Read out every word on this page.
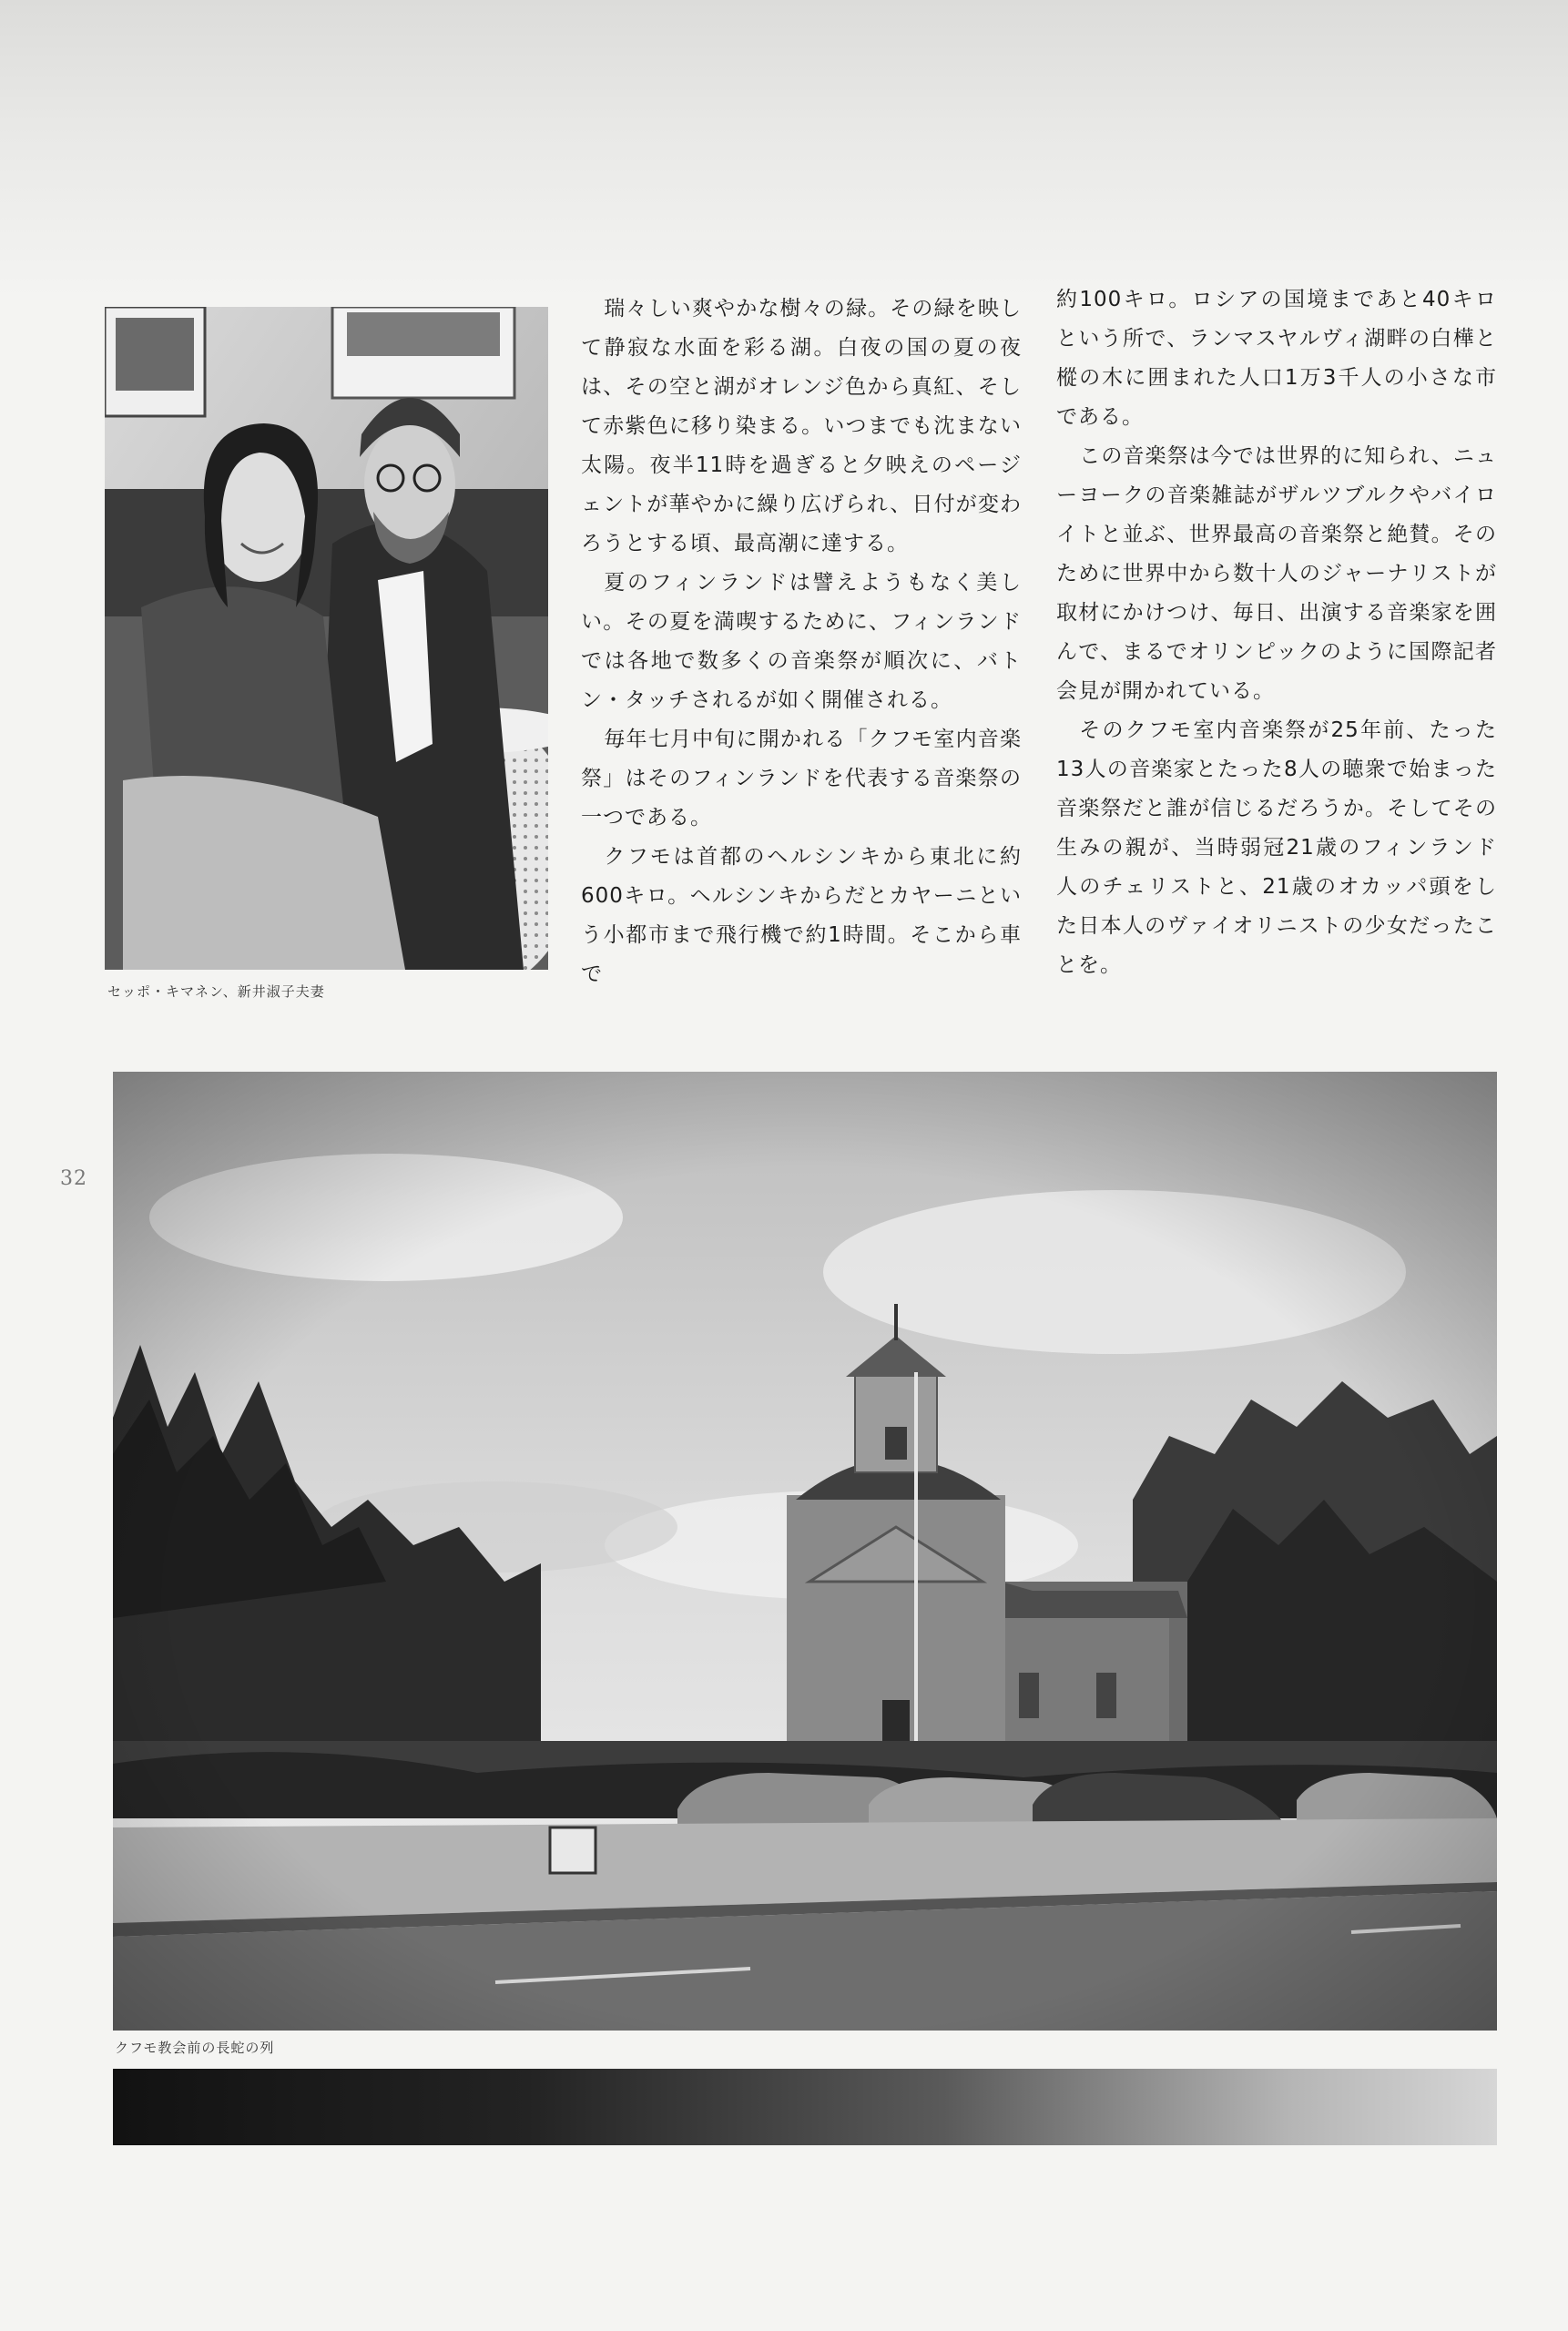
セッポ・キマネン、新井淑子夫妻

瑞々しい爽やかな樹々の緑。その緑を映して静寂な水面を彩る湖。白夜の国の夏の夜は、その空と湖がオレンジ色から真紅、そして赤紫色に移り染まる。いつまでも沈まない太陽。夜半11時を過ぎると夕映えのページェントが華やかに繰り広げられ、日付が変わろうとする頃、最高潮に達する。

夏のフィンランドは譬えようもなく美しい。その夏を満喫するために、フィンランドでは各地で数多くの音楽祭が順次に、バトン・タッチされるが如く開催される。

毎年七月中旬に開かれる「クフモ室内音楽祭」はそのフィンランドを代表する音楽祭の一つである。

クフモは首都のヘルシンキから東北に約600キロ。ヘルシンキからだとカヤーニという小都市まで飛行機で約1時間。そこから車で

約100キロ。ロシアの国境まであと40キロという所で、ランマスヤルヴィ湖畔の白樺と樅の木に囲まれた人口1万3千人の小さな市である。

この音楽祭は今では世界的に知られ、ニューヨークの音楽雑誌がザルツブルクやバイロイトと並ぶ、世界最高の音楽祭と絶賛。そのために世界中から数十人のジャーナリストが取材にかけつけ、毎日、出演する音楽家を囲んで、まるでオリンピックのように国際記者会見が開かれている。

そのクフモ室内音楽祭が25年前、たった13人の音楽家とたった8人の聴衆で始まった音楽祭だと誰が信じるだろうか。そしてその生みの親が、当時弱冠21歳のフィンランド人のチェリストと、21歳のオカッパ頭をした日本人のヴァイオリニストの少女だったことを。

32
クフモ教会前の長蛇の列
